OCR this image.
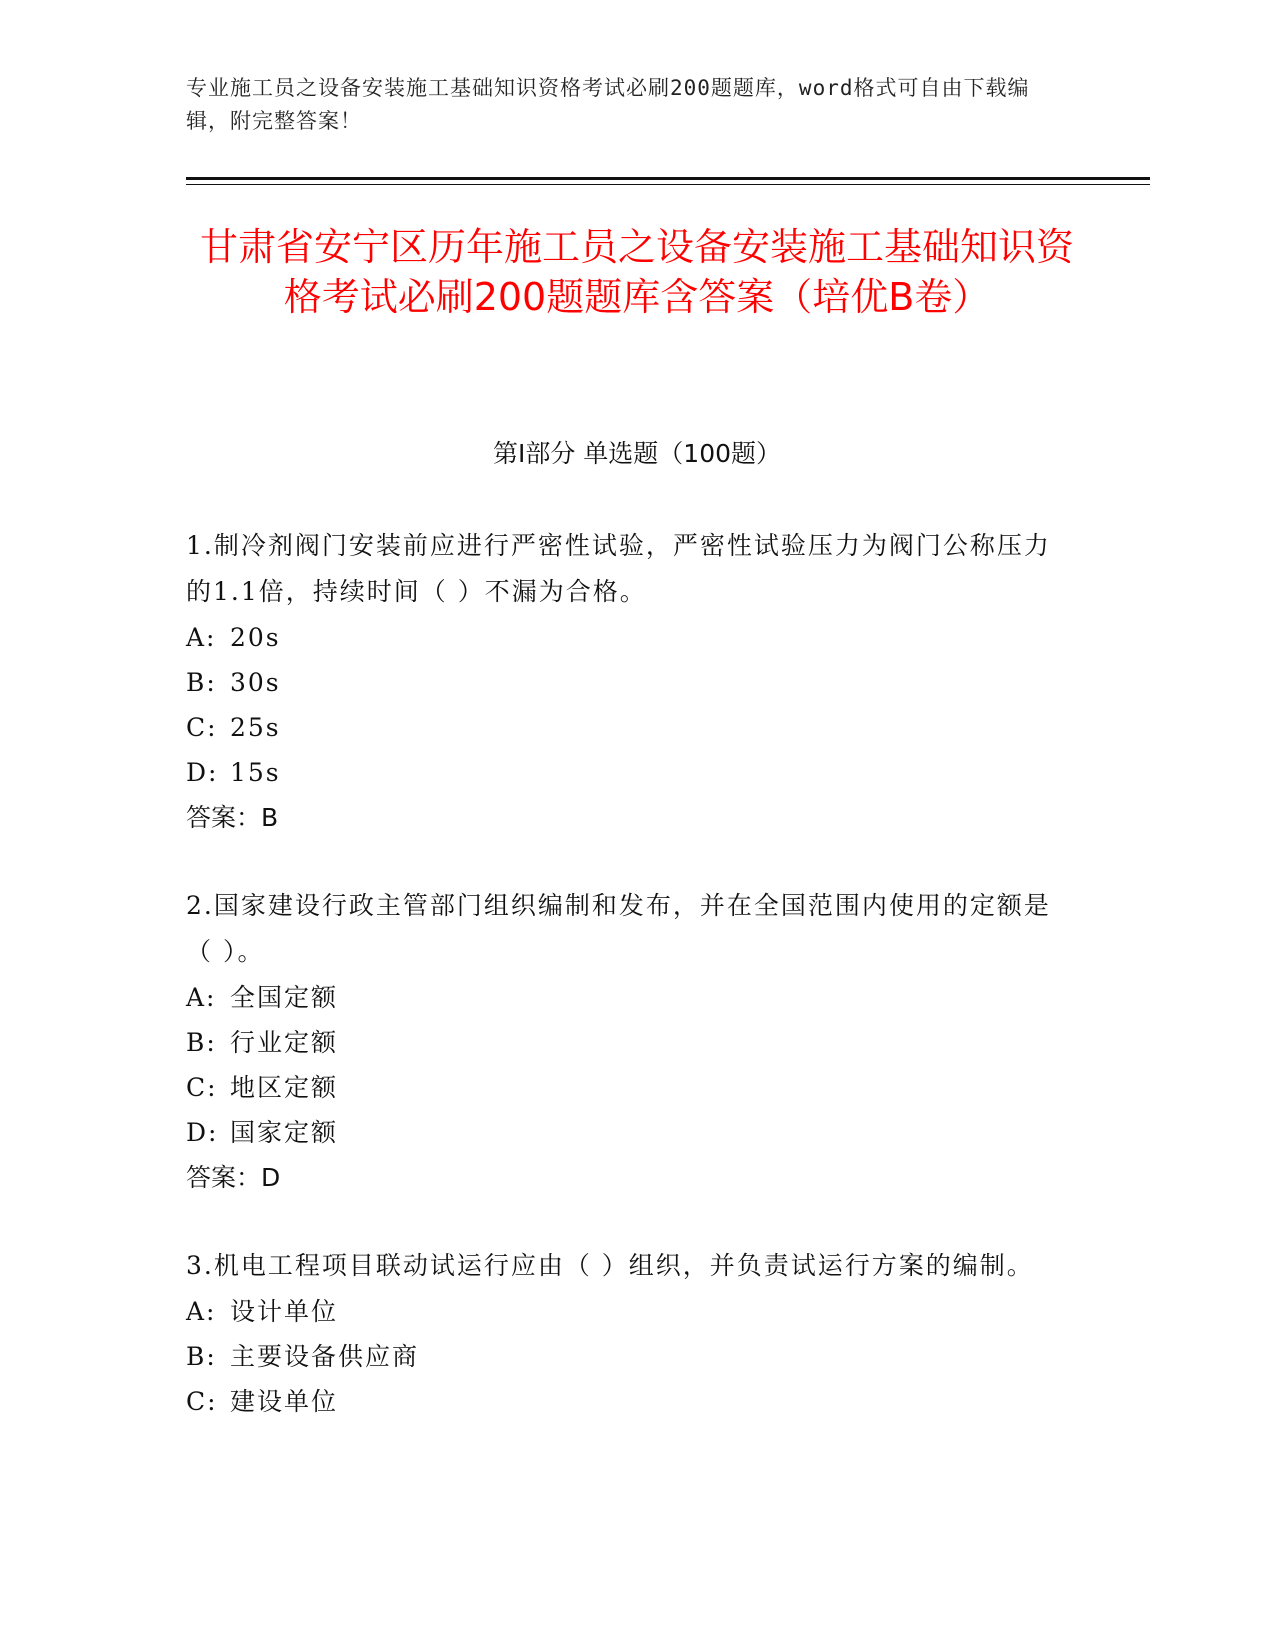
专业施工员之设备安装施工基础知识资格考试必刷200题题库，word格式可自由下载编辑，附完整答案！
甘肃省安宁区历年施工员之设备安装施工基础知识资格考试必刷200题题库含答案（培优B卷）
第I部分 单选题（100题）

1.制冷剂阀门安装前应进行严密性试验，严密性试验压力为阀门公称压力的1.1倍，持续时间（ ）不漏为合格。

A: 20s

B: 30s

C: 25s

D: 15s

答案：B

2.国家建设行政主管部门组织编制和发布，并在全国范围内使用的定额是（ ）。

A: 全国定额

B: 行业定额

C: 地区定额

D: 国家定额

答案：D

3.机电工程项目联动试运行应由（ ）组织，并负责试运行方案的编制。

A: 设计单位

B: 主要设备供应商

C: 建设单位
